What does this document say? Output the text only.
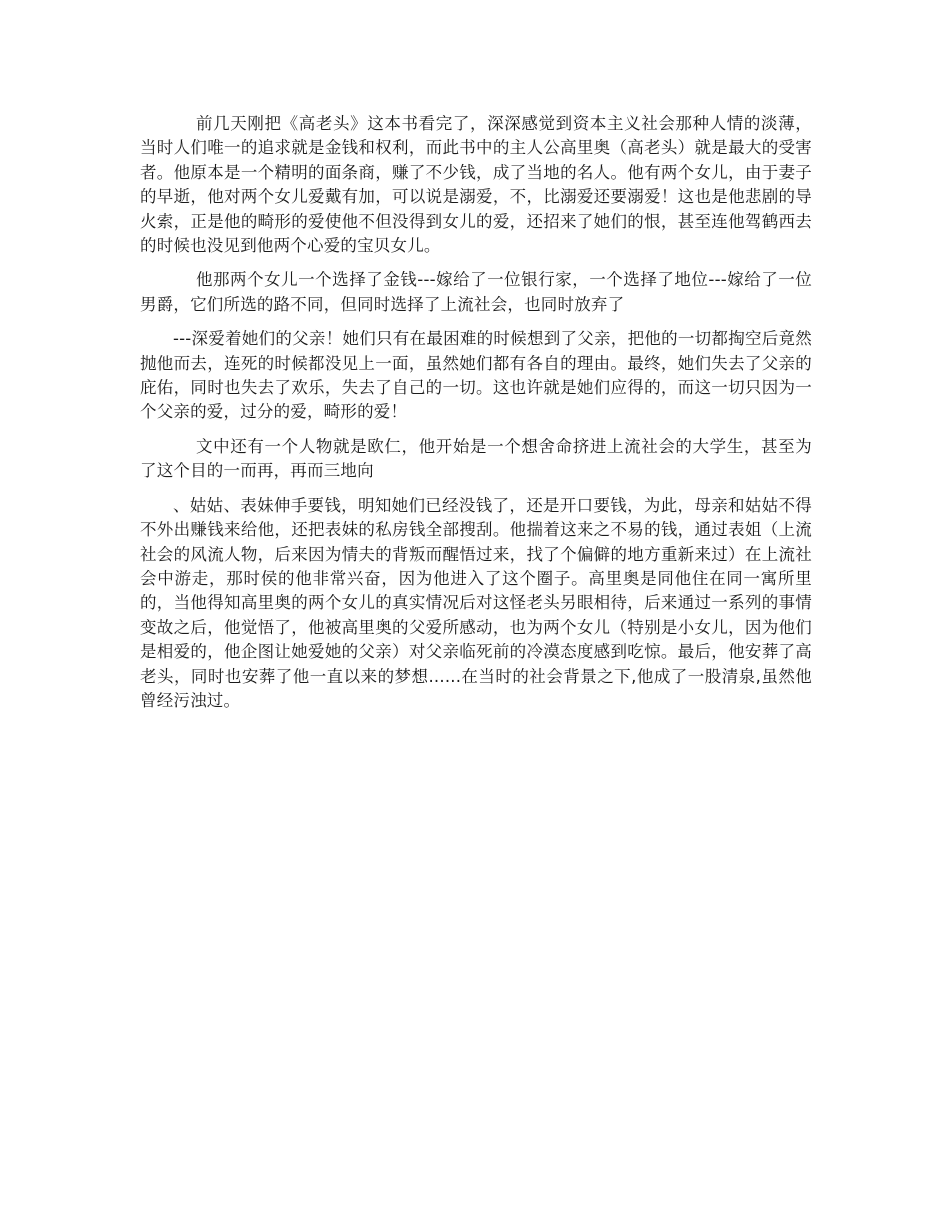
前几天刚把《高老头》这本书看完了，深深感觉到资本主义社会那种人情的淡薄，当时人们唯一的追求就是金钱和权利，而此书中的主人公高里奥（高老头）就是最大的受害者。他原本是一个精明的面条商，赚了不少钱，成了当地的名人。他有两个女儿，由于妻子的早逝，他对两个女儿爱戴有加，可以说是溺爱，不，比溺爱还要溺爱！这也是他悲剧的导火索，正是他的畸形的爱使他不但没得到女儿的爱，还招来了她们的恨，甚至连他驾鹤西去的时候也没见到他两个心爱的宝贝女儿。

他那两个女儿一个选择了金钱---嫁给了一位银行家，一个选择了地位---嫁给了一位男爵，它们所选的路不同，但同时选择了上流社会，也同时放弃了

---深爱着她们的父亲！她们只有在最困难的时候想到了父亲，把他的一切都掏空后竟然抛他而去，连死的时候都没见上一面，虽然她们都有各自的理由。最终，她们失去了父亲的庇佑，同时也失去了欢乐，失去了自己的一切。这也许就是她们应得的，而这一切只因为一个父亲的爱，过分的爱，畸形的爱！

文中还有一个人物就是欧仁，他开始是一个想舍命挤进上流社会的大学生，甚至为了这个目的一而再，再而三地向

、姑姑、表妹伸手要钱，明知她们已经没钱了，还是开口要钱，为此，母亲和姑姑不得不外出赚钱来给他，还把表妹的私房钱全部搜刮。他揣着这来之不易的钱，通过表姐（上流社会的风流人物，后来因为情夫的背叛而醒悟过来，找了个偏僻的地方重新来过）在上流社会中游走，那时侯的他非常兴奋，因为他进入了这个圈子。高里奥是同他住在同一寓所里的，当他得知高里奥的两个女儿的真实情况后对这怪老头另眼相待，后来通过一系列的事情变故之后，他觉悟了，他被高里奥的父爱所感动，也为两个女儿（特别是小女儿，因为他们是相爱的，他企图让她爱她的父亲）对父亲临死前的冷漠态度感到吃惊。最后，他安葬了高老头，同时也安葬了他一直以来的梦想......在当时的社会背景之下,他成了一股清泉,虽然他曾经污浊过。
